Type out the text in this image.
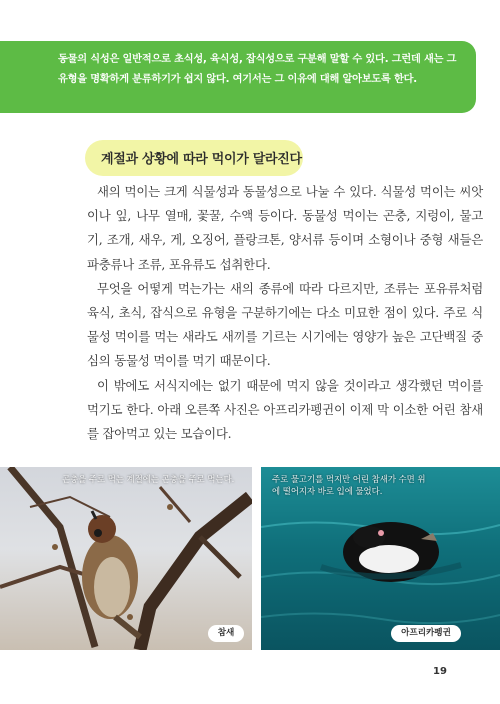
동물의 식성은 일반적으로 초식성, 육식성, 잡식성으로 구분해 말할 수 있다. 그런데 새는 그 유형을 명확하게 분류하기가 쉽지 않다. 여기서는 그 이유에 대해 알아보도록 한다.
계절과 상황에 따라 먹이가 달라진다

새의 먹이는 크게 식물성과 동물성으로 나눌 수 있다. 식물성 먹이는 씨앗이나 잎, 나무 열매, 꽃꿀, 수액 등이다. 동물성 먹이는 곤충, 지렁이, 물고기, 조개, 새우, 게, 오징어, 플랑크톤, 양서류 등이며 소형이나 중형 새들은 파충류나 조류, 포유류도 섭취한다.

무엇을 어떻게 먹는가는 새의 종류에 따라 다르지만, 조류는 포유류처럼 육식, 초식, 잡식으로 유형을 구분하기에는 다소 미묘한 점이 있다. 주로 식물성 먹이를 먹는 새라도 새끼를 기르는 시기에는 영양가 높은 고단백질 중심의 동물성 먹이를 먹기 때문이다.

이 밖에도 서식지에는 없기 때문에 먹지 않을 것이라고 생각했던 먹이를 먹기도 한다. 아래 오른쪽 사진은 아프리카펭귄이 이제 막 이소한 어린 참새를 잡아먹고 있는 모습이다.

곤충을 주로 먹는 계절에는 곤충을 주로 먹는다.
참새
주로 물고기를 먹지만 어린 참새가 수면 위에 떨어지자 바로 입에 물었다.
아프리카펭귄
19
